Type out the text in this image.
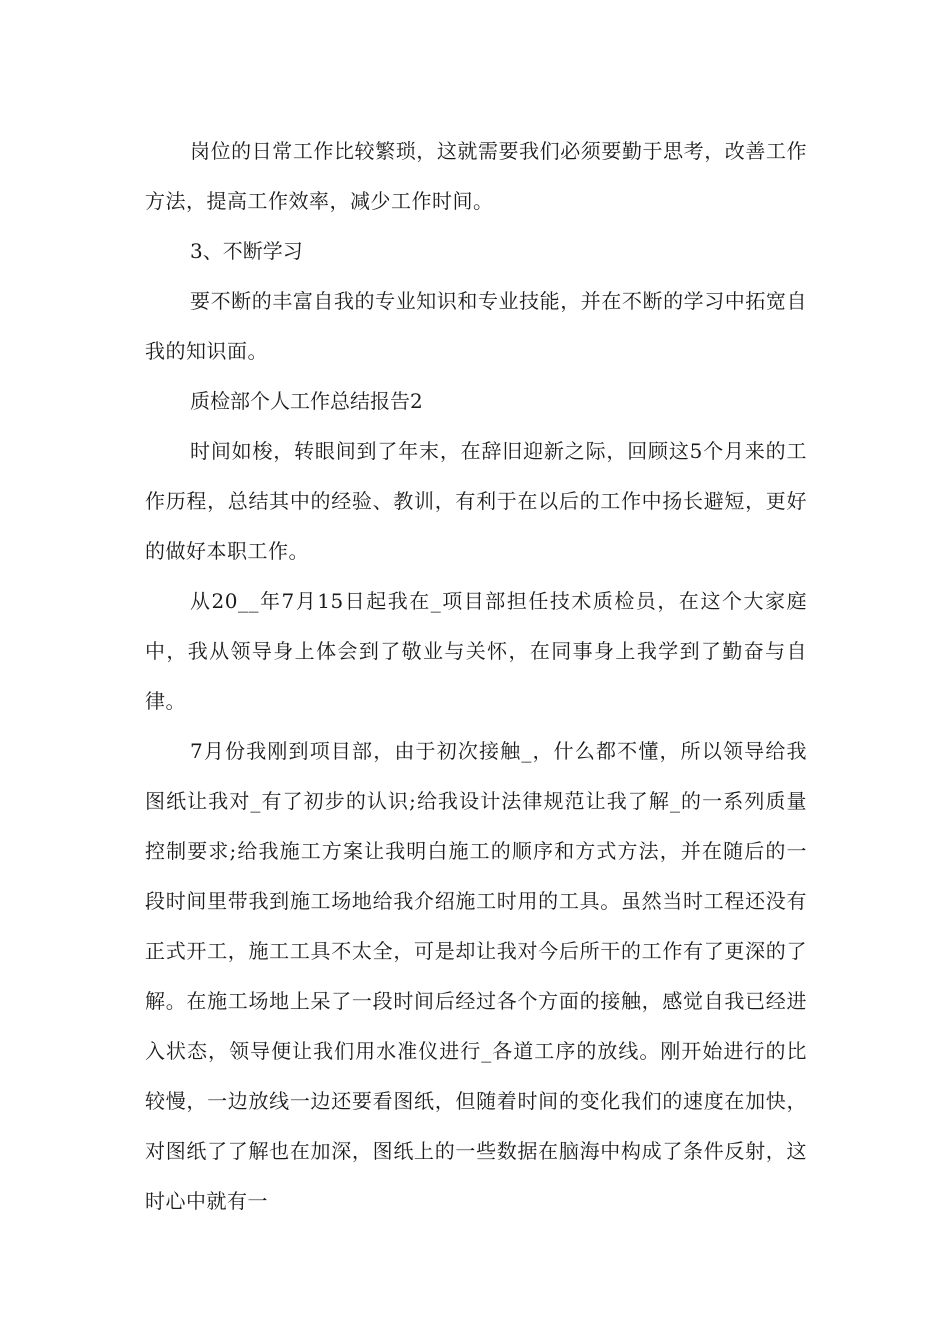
岗位的日常工作比较繁琐，这就需要我们必须要勤于思考，改善工作方法，提高工作效率，减少工作时间。

3、不断学习

要不断的丰富自我的专业知识和专业技能，并在不断的学习中拓宽自我的知识面。

质检部个人工作总结报告2

时间如梭，转眼间到了年末，在辞旧迎新之际，回顾这5个月来的工作历程，总结其中的经验、教训，有利于在以后的工作中扬长避短，更好的做好本职工作。

从20__年7月15日起我在_项目部担任技术质检员，在这个大家庭中，我从领导身上体会到了敬业与关怀，在同事身上我学到了勤奋与自律。

7月份我刚到项目部，由于初次接触_，什么都不懂，所以领导给我图纸让我对_有了初步的认识;给我设计法律规范让我了解_的一系列质量控制要求;给我施工方案让我明白施工的顺序和方式方法，并在随后的一段时间里带我到施工场地给我介绍施工时用的工具。虽然当时工程还没有正式开工，施工工具不太全，可是却让我对今后所干的工作有了更深的了解。在施工场地上呆了一段时间后经过各个方面的接触，感觉自我已经进入状态，领导便让我们用水准仪进行_各道工序的放线。刚开始进行的比较慢，一边放线一边还要看图纸，但随着时间的变化我们的速度在加快，对图纸了了解也在加深，图纸上的一些数据在脑海中构成了条件反射，这时心中就有一
